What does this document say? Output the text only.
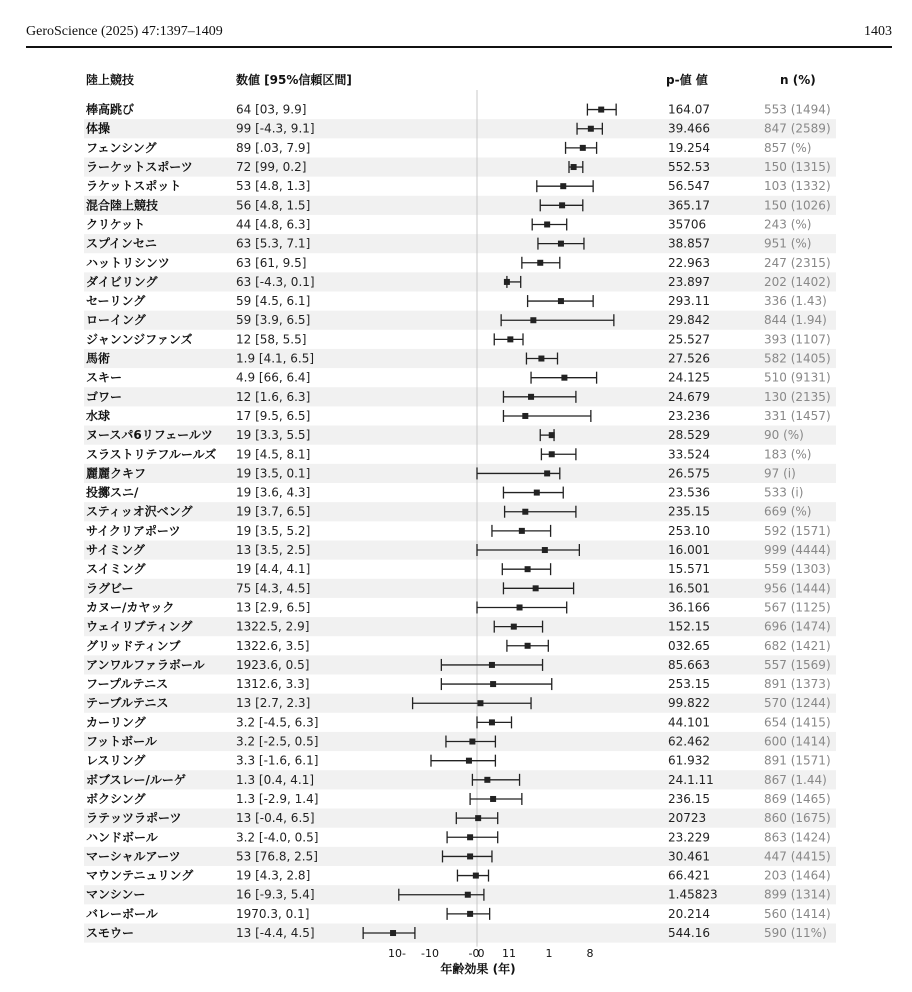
GeroScience (2025) 47:1397–1409	1403
棒高跳び	64 [03, 9.9]	164.07	553 (1494)
体操	99 [-4.3, 9.1]	39.466	847 (2589)
フェンシング	89 [.03, 7.9]	19.254	857 (%)
ラーケットスポーツ	72 [99, 0.2]	552.53	150 (1315)
ラケットスポット	53 [4.8, 1.3]	56.547	103 (1332)
混合陸上競技	56 [4.8, 1.5]	365.17	150 (1026)
クリケット	44 [4.8, 6.3]	35706	243 (%)
スプインセニ	63 [5.3, 7.1]	38.857	951 (%)
ハットリシンツ	63 [61, 9.5]	22.963	247 (2315)
ダイビリング	63 [-4.3, 0.1]	23.897	202 (1402)
セーリング	59 [4.5, 6.1]	293.11	336 (1.43)
ローイング	59 [3.9, 6.5]	29.842	844 (1.94)
ジャンンジファンズ	12 [58, 5.5]	25.527	393 (1107)
馬術	1.9 [4.1, 6.5]	27.526	582 (1405)
スキー	4.9 [66, 6.4]	24.125	510 (9131)
ゴワー	12 [1.6, 6.3]	24.679	130 (2135)
水球	17 [9.5, 6.5]	23.236	331 (1457)
ヌースパ6リフェールツ 19 [3.3, 5.5]	28.529	90 (%)
スラストリテフルールズ 19 [4.5, 8.1]	33.524	183 (%)
麗麗クキフ	19 [3.5, 0.1]	26.575	97 (i)
投擲スニ/	19 [3.6, 4.3]	23.536	533 (i)
スティッオ沢ベング	19 [3.7, 6.5]	235.15	669 (%)
サイクリアポーツ	19 [3.5, 5.2]	253.10	592 (1571)
サイミング	13 [3.5, 2.5]	16.001	999 (4444)
スイミング	19 [4.4, 4.1]	15.571	559 (1303)
ラグビー	75 [4.3, 4.5]	16.501	956 (1444)
カヌー/カヤック	13 [2.9, 6.5]	36.166	567 (1125)
ウェイリブティング	1322.5, 2.9]	152.15	696 (1474)
グリッドティンブ	1322.6, 3.5]	032.65	682 (1421)
アンワルファラボール	1923.6, 0.5]	85.663	557 (1569)
フープルテニス	1312.6, 3.3]	253.15	891 (1373)
テーブルテニス	13 [2.7, 2.3]	99.822	570 (1244)
カーリング	3.2 [-4.5, 6.3]	44.101	654 (1415)
フットボール	3.2 [-2.5, 0.5]	62.462	600 (1414)
レスリング	3.3 [-1.6, 6.1]	61.932	891 (1571)
ボブスレー/ルーゲ	1.3 [0.4, 4.1]	24.1.11	867 (1.44)
ボクシング	1.3 [-2.9, 1.4]	236.15	869 (1465)
ラテッツラポーツ	13 [-0.4, 6.5]	20723	860 (1675)
ハンドボール	3.2 [-4.0, 0.5]	23.229	863 (1424)
マーシャルアーツ	53 [76.8, 2.5]	30.461	447 (4415)
マウンテニュリング	19 [4.3, 2.8]	66.421	203 (1464)
マンシンー	16 [-9.3, 5.4]	1.45823	899 (1314)
バレーボール	1970.3, 0.1]	20.214	560 (1414)
スモウー	13 [-4.4, 4.5]	544.16	590 (11%)
陸上競技	数値 [95%信頼区間]	p-値 値	n (%)
10- -10	-0
0 11	1	8
年齢効果 (年)
